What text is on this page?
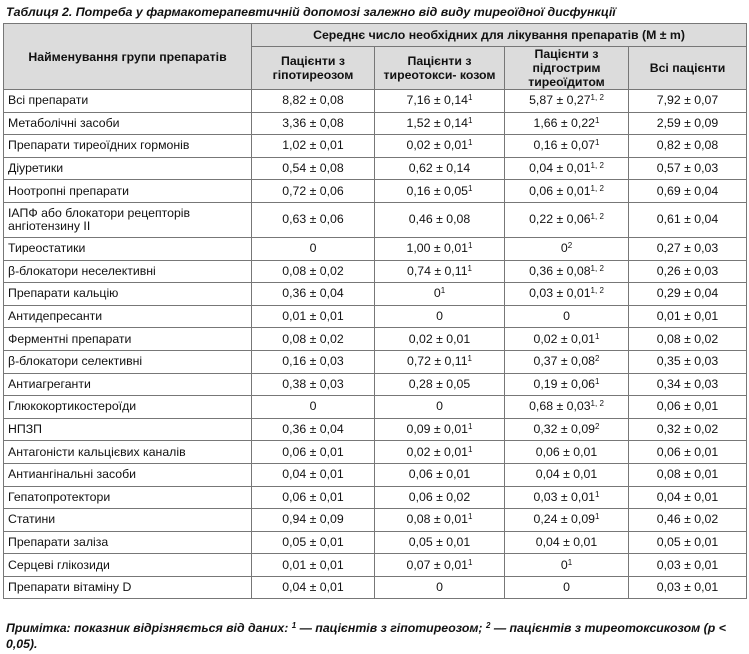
Таблиця 2. Потреба у фармакотерапевтичній допомозі залежно від виду тиреоїдної дисфункції
Найменування групи препаратів	Середнє число необхідних для лікування препаратів (M ± m)			
	Пацієнти з гіпотиреозом	Пацієнти з тиреотокси- козом	Пацієнти з підгострим тиреоїдитом	Всі пацієнти
Всі препарати	8,82 ± 0,08	$7,16 \pm 0,14^1$	$5,87 \pm 0,27^{1, 2}$	7,92 ± 0,07
Метаболічні засоби	3,36 ± 0,08	$1,52 \pm 0,14^1$	$1,66 \pm 0,22^1$	2,59 ± 0,09
Препарати тиреоїдних гормонів	1,02 ± 0,01	$0,02 \pm 0,01^1$	$0,16 \pm 0,07^1$	0,82 ± 0,08
Діуретики	0,54 ± 0,08	0,62 ± 0,14	$0,04 \pm 0,01^{1, 2}$	0,57 ± 0,03
Ноотропні препарати	0,72 ± 0,06	$0,16 \pm 0,05^1$	$0,06 \pm 0,01^{1, 2}$	0,69 ± 0,04
ІАПФ або блокатори рецепторів ангіотензину ІІ	0,63 ± 0,06	0,46 ± 0,08	$0,22 \pm 0,06^{1, 2}$	0,61 ± 0,04
Тиреостатики	0	$1,00 \pm 0,01^1$	$0^2$	0,27 ± 0,03
β-блокатори неселективні	0,08 ± 0,02	$0,74 \pm 0,11^1$	$0,36 \pm 0,08^{1, 2}$	0,26 ± 0,03
Препарати кальцію	0,36 ± 0,04	$0^1$	$0,03 \pm 0,01^{1, 2}$	0,29 ± 0,04
Антидепресанти	0,01 ± 0,01	0	0	0,01 ± 0,01
Ферментні препарати	0,08 ± 0,02	0,02 ± 0,01	$0,02 \pm 0,01^1$	0,08 ± 0,02
β-блокатори селективні	0,16 ± 0,03	$0,72 \pm 0,11^1$	$0,37 \pm 0,08^2$	0,35 ± 0,03
Антиагреганти	0,38 ± 0,03	0,28 ± 0,05	$0,19 \pm 0,06^1$	0,34 ± 0,03
Глюкокортикостероїди	0	0	$0,68 \pm 0,03^{1, 2}$	0,06 ± 0,01
НПЗП	0,36 ± 0,04	$0,09 \pm 0,01^1$	$0,32 \pm 0,09^2$	0,32 ± 0,02
Антагоністи кальцієвих каналів	0,06 ± 0,01	$0,02 \pm 0,01^1$	0,06 ± 0,01	0,06 ± 0,01
Антиангінальні засоби	0,04 ± 0,01	0,06 ± 0,01	0,04 ± 0,01	0,08 ± 0,01
Гепатопротектори	0,06 ± 0,01	0,06 ± 0,02	$0,03 \pm 0,01^1$	0,04 ± 0,01
Статини	0,94 ± 0,09	$0,08 \pm 0,01^1$	$0,24 \pm 0,09^1$	0,46 ± 0,02
Препарати заліза	0,05 ± 0,01	0,05 ± 0,01	0,04 ± 0,01	0,05 ± 0,01
Серцеві глікозиди	0,01 ± 0,01	$0,07 \pm 0,01^1$	$0^1$	0,03 ± 0,01
Препарати вітаміну D	0,04 ± 0,01	0	0	0,03 ± 0,01
Примітка: показник відрізняється від даних: $^1$ — пацієнтів з гіпотиреозом; $^2$ — пацієнтів з тиреотоксикозом (p < 0,05).
